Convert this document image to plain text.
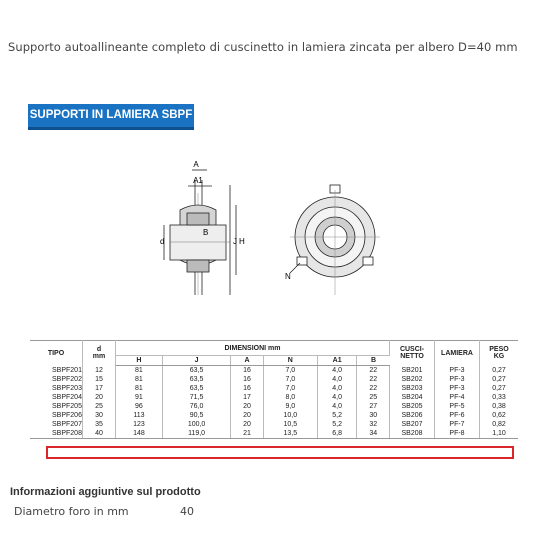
Supporto autoallineante completo di cuscinetto in lamiera zincata per albero D=40 mm
SUPPORTI IN LAMIERA SBPF
A
A1
d
B
J H
N
TIPO	d
mm	DIMENSIONI mm						CUSCI-
NETTO	LAMIERA	PESO
KG
		H	J	A	N	A1	B			
SBPF201	12	81	63,5	16	7,0	4,0	22	SB201	PF-3	0,27
SBPF202	15	81	63,5	16	7,0	4,0	22	SB202	PF-3	0,27
SBPF203	17	81	63,5	16	7,0	4,0	22	SB203	PF-3	0,27
SBPF204	20	91	71,5	17	8,0	4,0	25	SB204	PF-4	0,33
SBPF205	25	96	76,0	20	9,0	4,0	27	SB205	PF-5	0,38
SBPF206	30	113	90,5	20	10,0	5,2	30	SB206	PF-6	0,62
SBPF207	35	123	100,0	20	10,5	5,2	32	SB207	PF-7	0,82
SBPF208	40	148	119,0	21	13,5	6,8	34	SB208	PF-8	1,10
Informazioni aggiuntive sul prodotto
Diametro foro in mm	40
